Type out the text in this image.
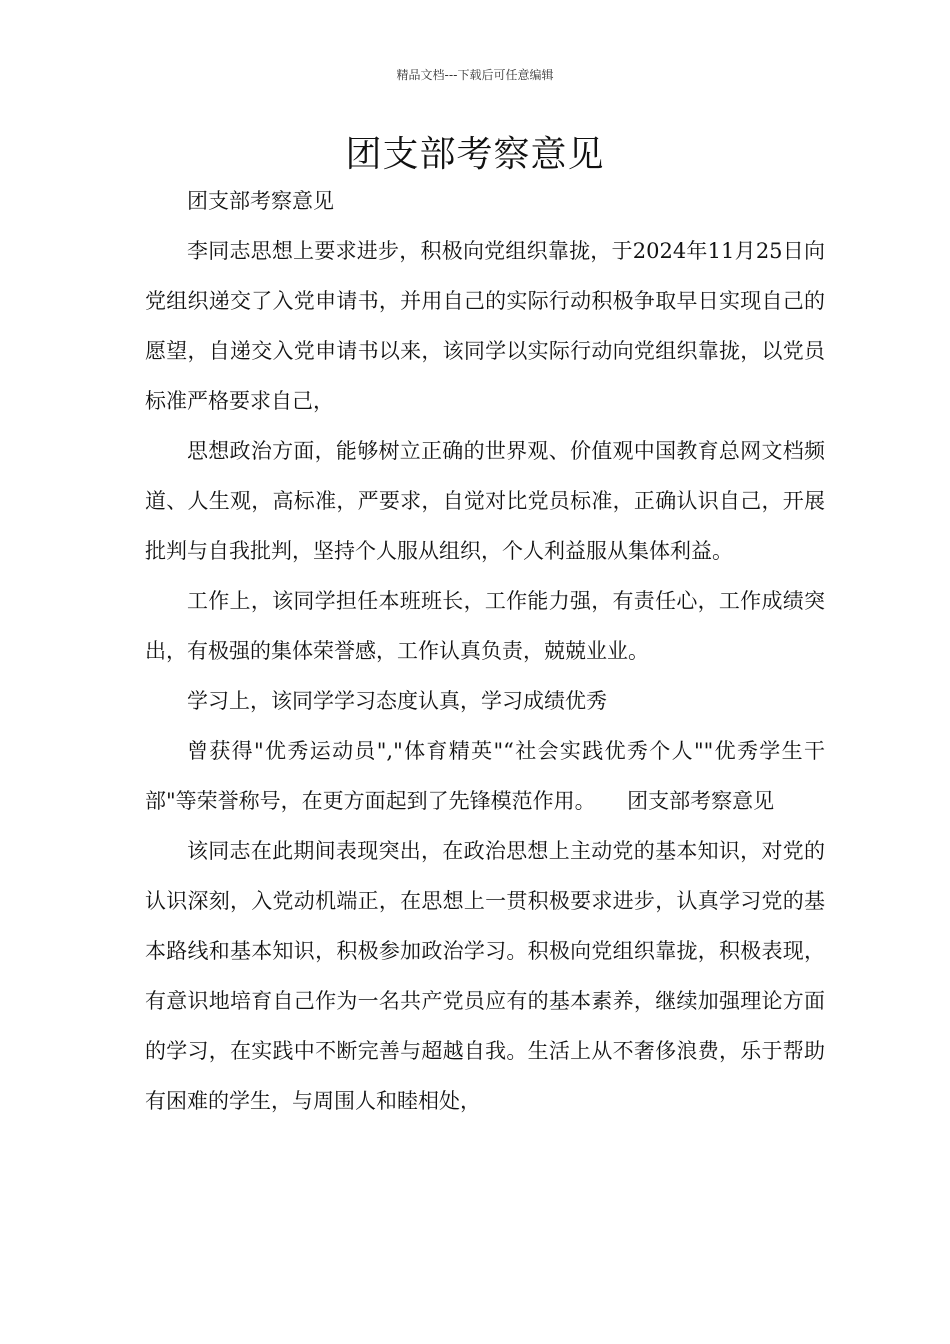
精品文档---下载后可任意编辑
团支部考察意见

团支部考察意见

李同志思想上要求进步，积极向党组织靠拢，于2024年11月25日向党组织递交了入党申请书，并用自己的实际行动积极争取早日实现自己的愿望，自递交入党申请书以来，该同学以实际行动向党组织靠拢，以党员标准严格要求自己，

思想政治方面，能够树立正确的世界观、价值观中国教育总网文档频道、人生观，高标准，严要求，自觉对比党员标准，正确认识自己，开展批判与自我批判，坚持个人服从组织，个人利益服从集体利益。

工作上，该同学担任本班班长，工作能力强，有责任心，工作成绩突出，有极强的集体荣誉感，工作认真负责，兢兢业业。

学习上，该同学学习态度认真，学习成绩优秀

曾获得"优秀运动员","体育精英"“社会实践优秀个人""优秀学生干部"等荣誉称号，在更方面起到了先锋模范作用。　　团支部考察意见

该同志在此期间表现突出，在政治思想上主动党的基本知识，对党的认识深刻，入党动机端正，在思想上一贯积极要求进步，认真学习党的基本路线和基本知识，积极参加政治学习。积极向党组织靠拢，积极表现，有意识地培育自己作为一名共产党员应有的基本素养，继续加强理论方面的学习，在实践中不断完善与超越自我。生活上从不奢侈浪费，乐于帮助有困难的学生，与周围人和睦相处，
